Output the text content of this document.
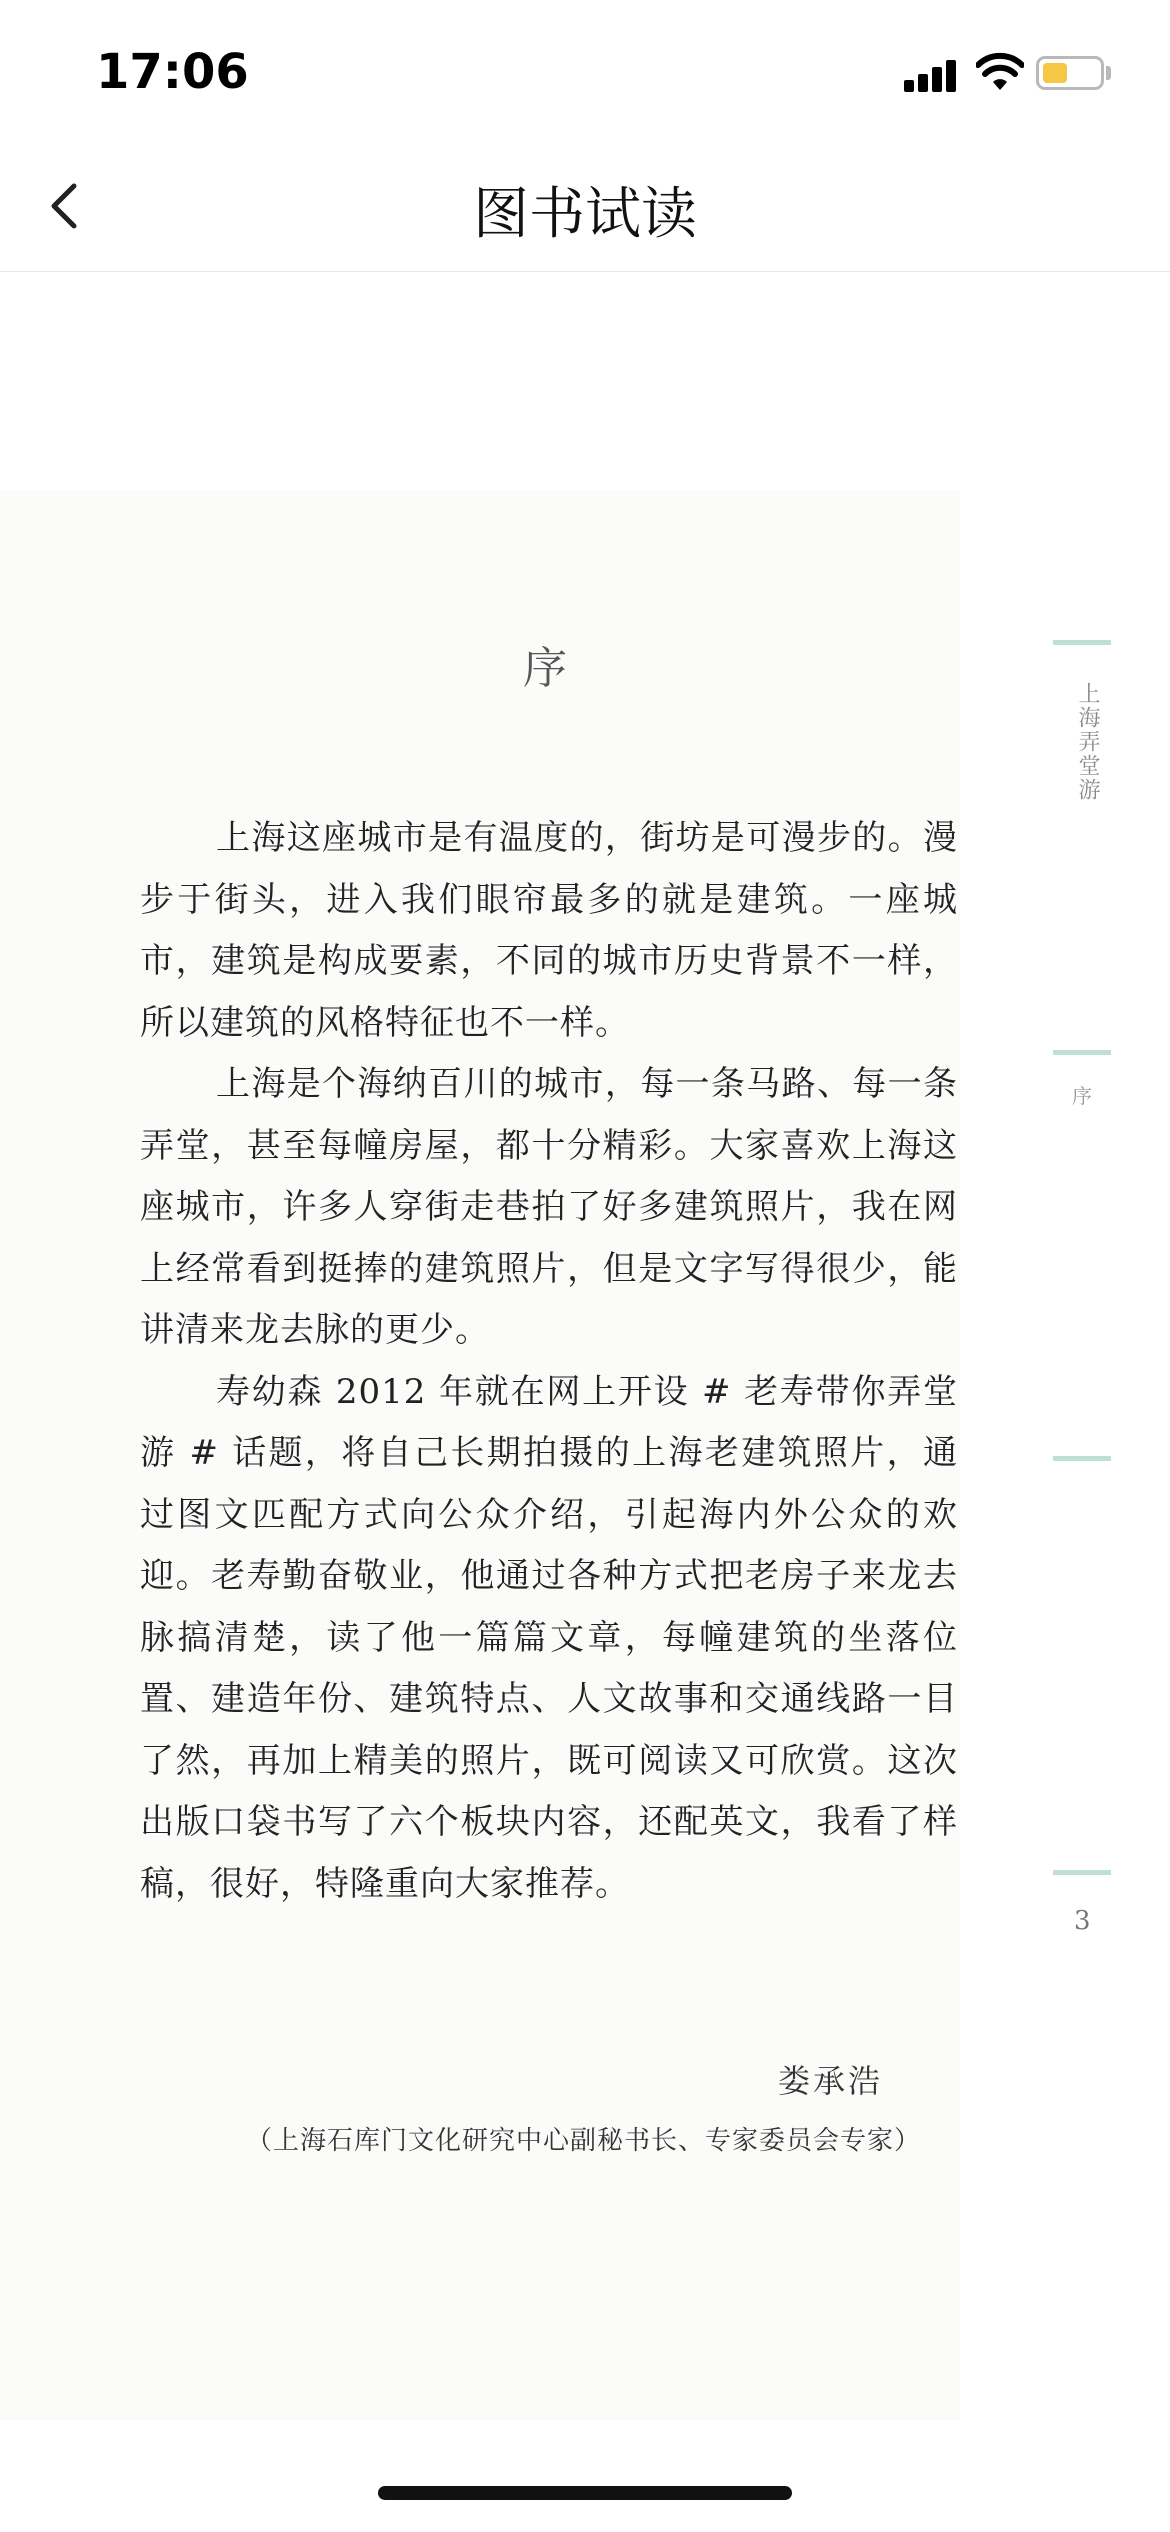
17:06
图书试读
序

上海这座城市是有温度的，街坊是可漫步的。漫步于街头，进入我们眼帘最多的就是建筑。一座城市，建筑是构成要素，不同的城市历史背景不一样，所以建筑的风格特征也不一样。

上海是个海纳百川的城市，每一条马路、每一条弄堂，甚至每幢房屋，都十分精彩。大家喜欢上海这座城市，许多人穿街走巷拍了好多建筑照片，我在网上经常看到挺捧的建筑照片，但是文字写得很少，能讲清来龙去脉的更少。

寿幼森 2012 年就在网上开设 # 老寿带你弄堂游 # 话题，将自己长期拍摄的上海老建筑照片，通过图文匹配方式向公众介绍，引起海内外公众的欢迎。老寿勤奋敬业，他通过各种方式把老房子来龙去脉搞清楚，读了他一篇篇文章，每幢建筑的坐落位置、建造年份、建筑特点、人文故事和交通线路一目了然，再加上精美的照片，既可阅读又可欣赏。这次出版口袋书写了六个板块内容，还配英文，我看了样稿，很好，特隆重向大家推荐。

娄承浩
（上海石库门文化研究中心副秘书长、专家委员会专家）
上海弄堂游
序
3
